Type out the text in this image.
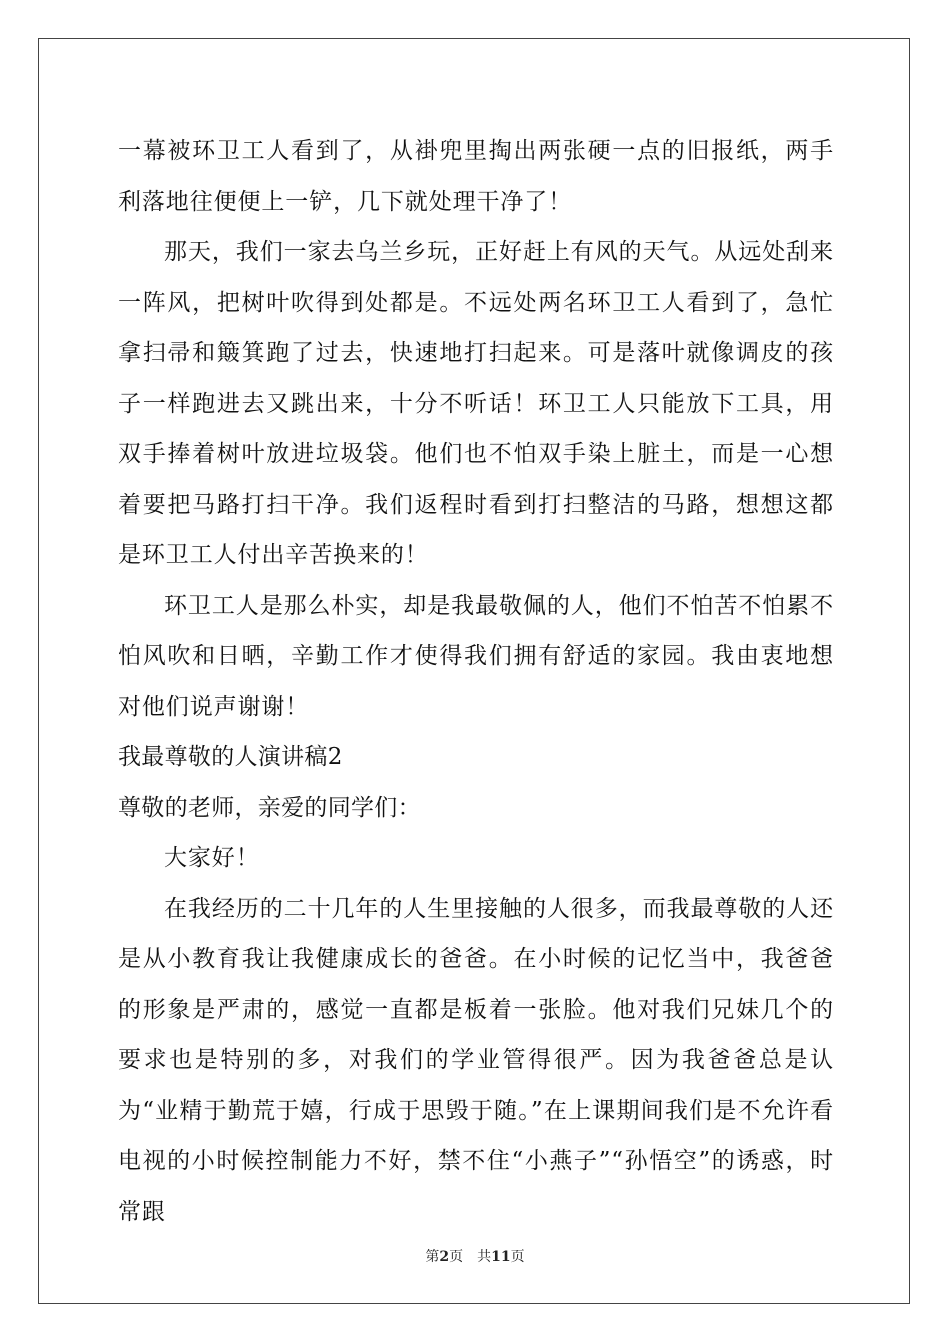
一幕被环卫工人看到了，从褂兜里掏出两张硬一点的旧报纸，两手利落地往便便上一铲，几下就处理干净了！

那天，我们一家去乌兰乡玩，正好赶上有风的天气。从远处刮来一阵风，把树叶吹得到处都是。不远处两名环卫工人看到了，急忙拿扫帚和簸箕跑了过去，快速地打扫起来。可是落叶就像调皮的孩子一样跑进去又跳出来，十分不听话！环卫工人只能放下工具，用双手捧着树叶放进垃圾袋。他们也不怕双手染上脏土，而是一心想着要把马路打扫干净。我们返程时看到打扫整洁的马路，想想这都是环卫工人付出辛苦换来的！

环卫工人是那么朴实，却是我最敬佩的人，他们不怕苦不怕累不怕风吹和日晒，辛勤工作才使得我们拥有舒适的家园。我由衷地想对他们说声谢谢！

我最尊敬的人演讲稿2

尊敬的老师，亲爱的同学们：

大家好！

在我经历的二十几年的人生里接触的人很多，而我最尊敬的人还是从小教育我让我健康成长的爸爸。在小时候的记忆当中，我爸爸的形象是严肃的，感觉一直都是板着一张脸。他对我们兄妹几个的要求也是特别的多，对我们的学业管得很严。因为我爸爸总是认为“业精于勤荒于嬉，行成于思毁于随。”在上课期间我们是不允许看电视的小时候控制能力不好，禁不住“小燕子”“孙悟空”的诱惑，时常跟

第2页　共11页
